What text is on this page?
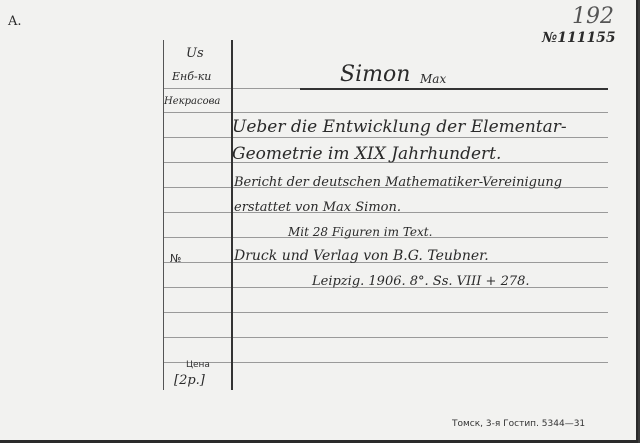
A.	192
№111155
Us
Енб-ки
Некрасова
№
Цена
[2р.]
Simon Max
Ueber die Entwicklung der Elementar-
Geometrie im XIX Jahrhundert.
Bericht der deutschen Mathematiker-Vereinigung
erstattet von Max Simon.
Mit 28 Figuren im Text.
Druck und Verlag von B.G. Teubner.
Leipzig. 1906. 8°. Ss. VIII + 278.
Томск, 3-я Гостип. 5344—31
